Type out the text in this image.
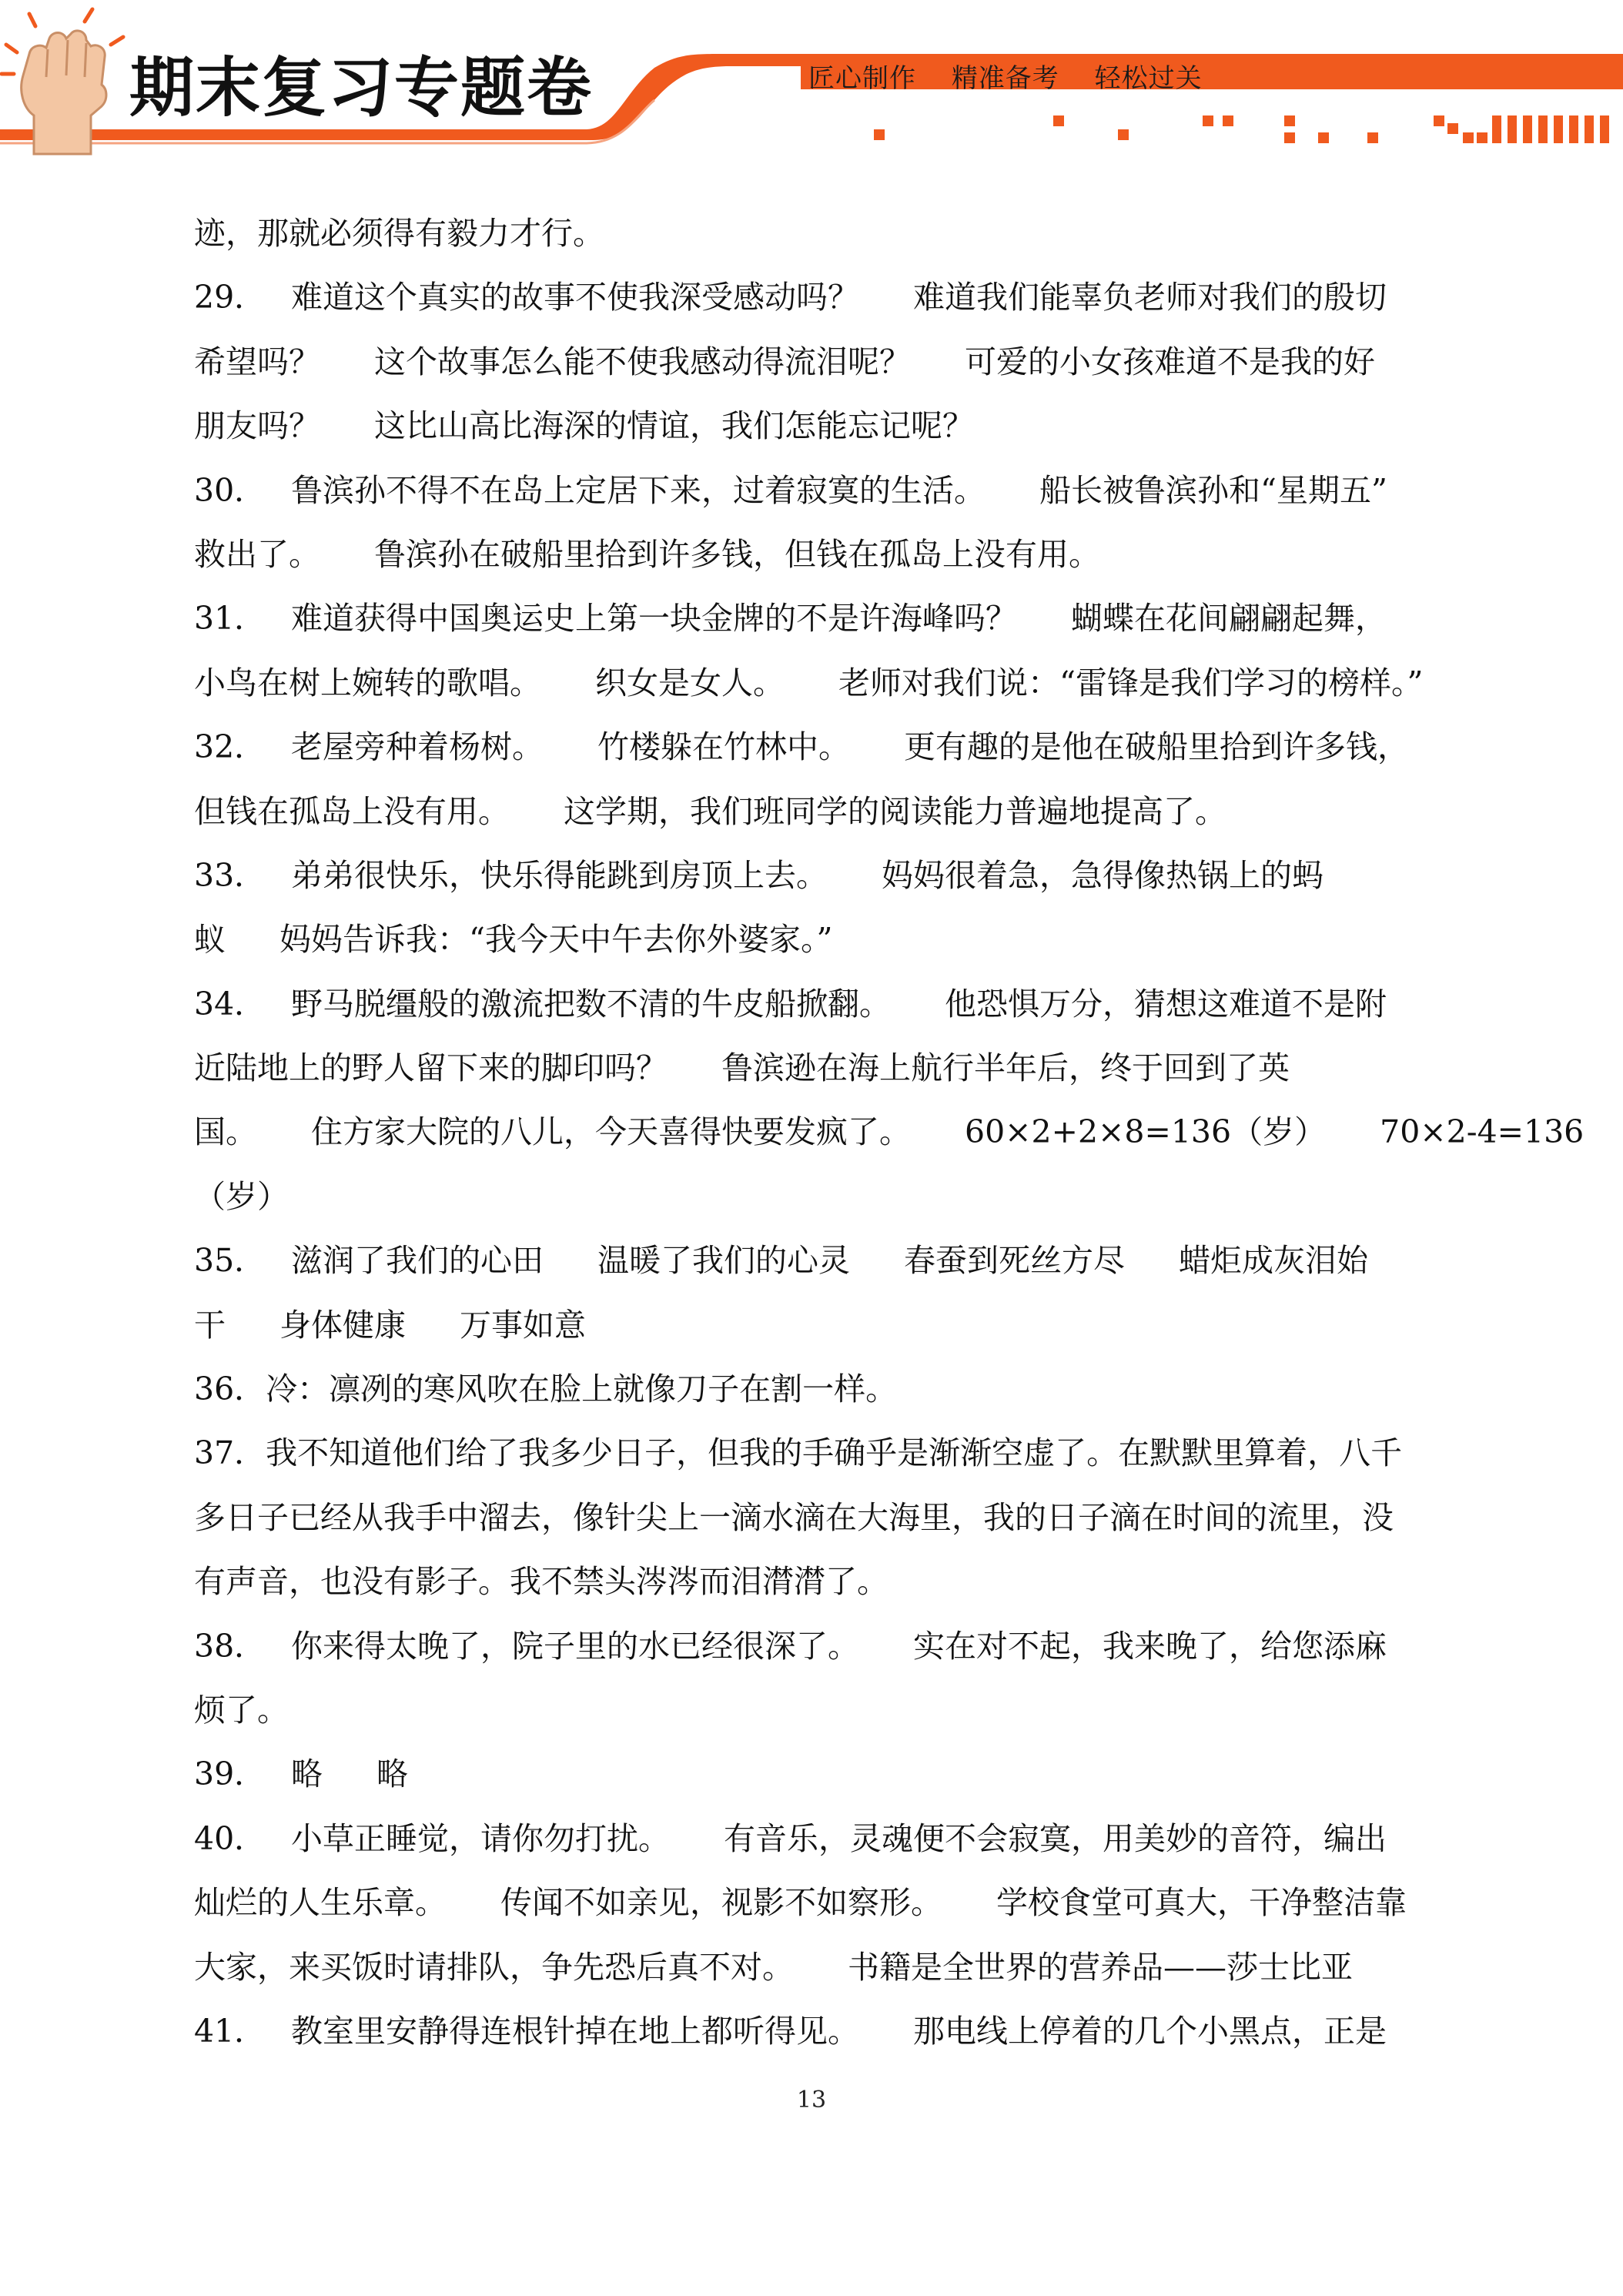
期末复习专题卷	匠心制作 精准备考 轻松过关
迹，那就必须得有毅力才行。
29． 难道这个真实的故事不使我深受感动吗？ 难道我们能辜负老师对我们的殷切
希望吗？ 这个故事怎么能不使我感动得流泪呢？ 可爱的小女孩难道不是我的好
朋友吗？ 这比山高比海深的情谊，我们怎能忘记呢？
30． 鲁滨孙不得不在岛上定居下来，过着寂寞的生活。 船长被鲁滨孙和“星期五”
救出了。 鲁滨孙在破船里拾到许多钱，但钱在孤岛上没有用。
31． 难道获得中国奥运史上第一块金牌的不是许海峰吗？ 蝴蝶在花间翩翩起舞，
小鸟在树上婉转的歌唱。 织女是女人。 老师对我们说：“雷锋是我们学习的榜样。”
32． 老屋旁种着杨树。 竹楼躲在竹林中。 更有趣的是他在破船里拾到许多钱，
但钱在孤岛上没有用。 这学期，我们班同学的阅读能力普遍地提高了。
33． 弟弟很快乐，快乐得能跳到房顶上去。 妈妈很着急，急得像热锅上的蚂
蚁 妈妈告诉我：“我今天中午去你外婆家。”
34． 野马脱缰般的激流把数不清的牛皮船掀翻。 他恐惧万分，猜想这难道不是附
近陆地上的野人留下来的脚印吗？ 鲁滨逊在海上航行半年后，终于回到了英
国。 住方家大院的八儿，今天喜得快要发疯了。 60×2+2×8=136（岁） 70×2-4=136
（岁）
35． 滋润了我们的心田 温暖了我们的心灵 春蚕到死丝方尽 蜡炬成灰泪始
干 身体健康 万事如意
36．冷：凛冽的寒风吹在脸上就像刀子在割一样。
37．我不知道他们给了我多少日子，但我的手确乎是渐渐空虚了。在默默里算着，八千
多日子已经从我手中溜去，像针尖上一滴水滴在大海里，我的日子滴在时间的流里，没
有声音，也没有影子。我不禁头涔涔而泪潸潸了。
38． 你来得太晚了，院子里的水已经很深了。 实在对不起，我来晚了，给您添麻
烦了。
39． 略 略
40． 小草正睡觉，请你勿打扰。 有音乐，灵魂便不会寂寞，用美妙的音符，编出
灿烂的人生乐章。 传闻不如亲见，视影不如察形。 学校食堂可真大，干净整洁靠
大家，来买饭时请排队，争先恐后真不对。 书籍是全世界的营养品——莎士比亚
41． 教室里安静得连根针掉在地上都听得见。 那电线上停着的几个小黑点，正是
13
